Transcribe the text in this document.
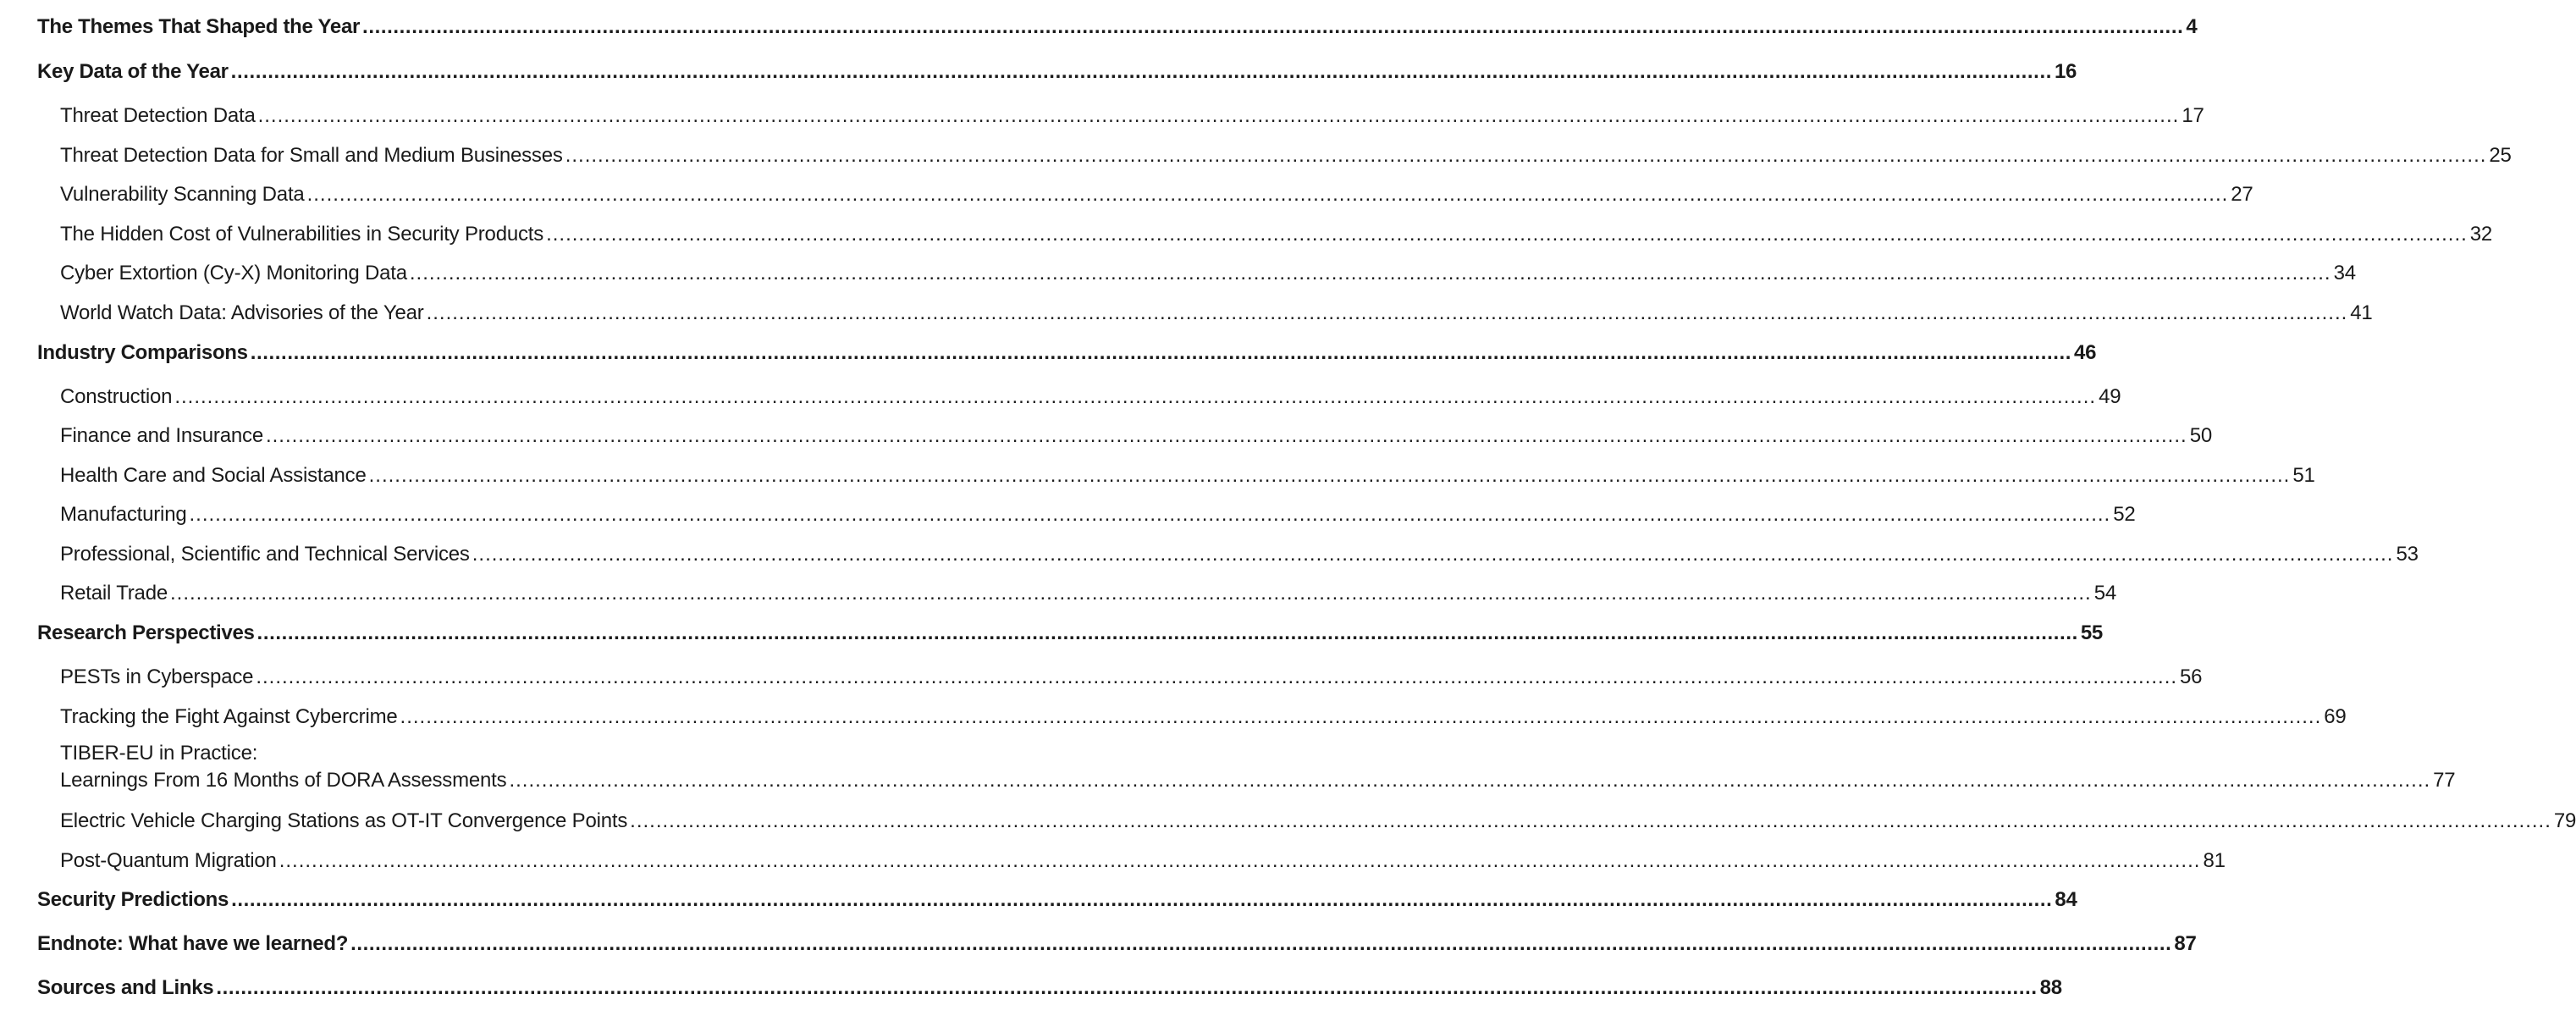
The Themes That Shaped the Year ........................................................................................................................................................................................................................................................................................................ 4
Key Data of the Year ........................................................................................................................................................................................................................................................................................................ 16
Threat Detection Data ........................................................................................................................................................................................................................................................................................................ 17
Threat Detection Data for Small and Medium Businesses ........................................................................................................................................................................................................................................................................................................ 25
Vulnerability Scanning Data ........................................................................................................................................................................................................................................................................................................ 27
The Hidden Cost of Vulnerabilities in Security Products ........................................................................................................................................................................................................................................................................................................ 32
Cyber Extortion (Cy-X) Monitoring Data ........................................................................................................................................................................................................................................................................................................ 34
World Watch Data: Advisories of the Year ........................................................................................................................................................................................................................................................................................................ 41
Industry Comparisons ........................................................................................................................................................................................................................................................................................................ 46
Construction ........................................................................................................................................................................................................................................................................................................ 49
Finance and Insurance ........................................................................................................................................................................................................................................................................................................ 50
Health Care and Social Assistance ........................................................................................................................................................................................................................................................................................................ 51
Manufacturing ........................................................................................................................................................................................................................................................................................................ 52
Professional, Scientific and Technical Services ........................................................................................................................................................................................................................................................................................................ 53
Retail Trade ........................................................................................................................................................................................................................................................................................................ 54
Research Perspectives ........................................................................................................................................................................................................................................................................................................ 55
PESTs in Cyberspace ........................................................................................................................................................................................................................................................................................................ 56
Tracking the Fight Against Cybercrime ........................................................................................................................................................................................................................................................................................................ 69
TIBER-EU in Practice:
Learnings From 16 Months of DORA Assessments ........................................................................................................................................................................................................................................................................................................ 77
Electric Vehicle Charging Stations as OT-IT Convergence Points ........................................................................................................................................................................................................................................................................................................ 79
Post-Quantum Migration ........................................................................................................................................................................................................................................................................................................ 81
Security Predictions ........................................................................................................................................................................................................................................................................................................ 84
Endnote: What have we learned? ........................................................................................................................................................................................................................................................................................................ 87
Sources and Links ........................................................................................................................................................................................................................................................................................................ 88
